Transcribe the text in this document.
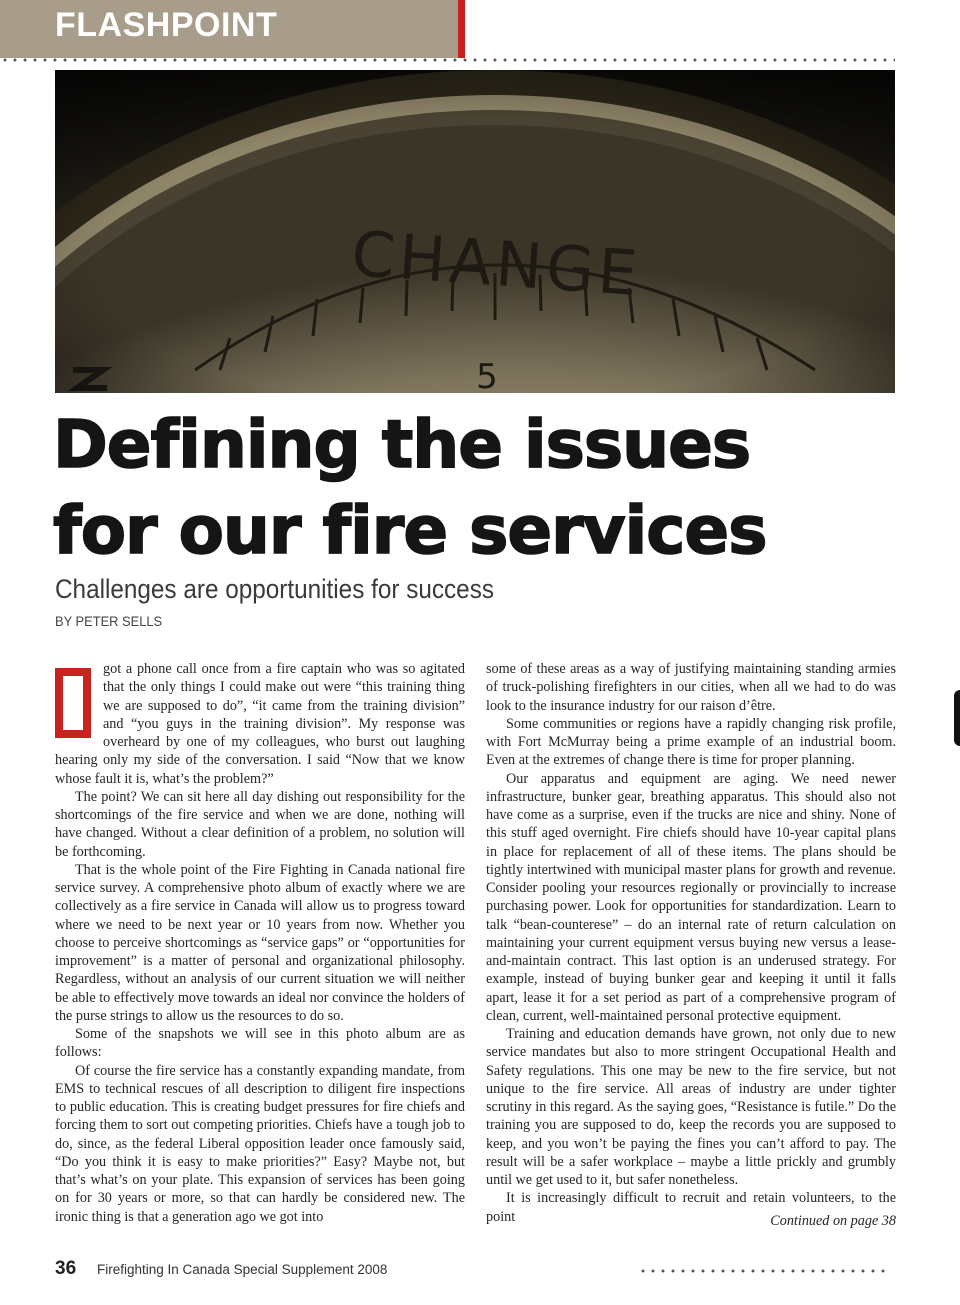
FLASHPOINT
Defining the issues
for our fire services
Challenges are opportunities for success
BY PETER SELLS

got a phone call once from a fire captain who was so agitated that the only things I could make out were “this training thing we are supposed to do”, “it came from the training division” and “you guys in the training division”. My response was overheard by one of my colleagues, who burst out laughing hearing only my side of the conversation. I said “Now that we know whose fault it is, what’s the problem?”

The point? We can sit here all day dishing out responsibility for the shortcomings of the fire service and when we are done, nothing will have changed. Without a clear definition of a problem, no solution will be forthcoming.

That is the whole point of the Fire Fighting in Canada national fire service survey. A comprehensive photo album of exactly where we are collectively as a fire service in Canada will allow us to progress toward where we need to be next year or 10 years from now. Whether you choose to perceive shortcomings as “service gaps” or “opportunities for improvement” is a matter of personal and organizational philosophy. Regardless, without an analysis of our current situation we will neither be able to effectively move towards an ideal nor convince the holders of the purse strings to allow us the resources to do so.

Some of the snapshots we will see in this photo album are as follows:

Of course the fire service has a constantly expanding mandate, from EMS to technical rescues of all description to diligent fire inspections to public education. This is creating budget pressures for fire chiefs and forcing them to sort out competing priorities. Chiefs have a tough job to do, since, as the federal Liberal opposition leader once famously said, “Do you think it is easy to make priorities?” Easy? Maybe not, but that’s what’s on your plate. This expansion of services has been going on for 30 years or more, so that can hardly be considered new. The ironic thing is that a generation ago we got into

some of these areas as a way of justifying maintaining standing armies of truck-polishing firefighters in our cities, when all we had to do was look to the insurance industry for our raison d’être.

Some communities or regions have a rapidly changing risk profile, with Fort McMurray being a prime example of an industrial boom. Even at the extremes of change there is time for proper planning.

Our apparatus and equipment are aging. We need newer infrastructure, bunker gear, breathing apparatus. This should also not have come as a surprise, even if the trucks are nice and shiny. None of this stuff aged overnight. Fire chiefs should have 10-year capital plans in place for replacement of all of these items. The plans should be tightly intertwined with municipal master plans for growth and revenue. Consider pooling your resources regionally or provincially to increase purchasing power. Look for opportunities for standardization. Learn to talk “bean-counterese” – do an internal rate of return calculation on maintaining your current equipment versus buying new versus a lease-and-maintain contract. This last option is an underused strategy. For example, instead of buying bunker gear and keeping it until it falls apart, lease it for a set period as part of a comprehensive program of clean, current, well-maintained personal protective equipment.

Training and education demands have grown, not only due to new service mandates but also to more stringent Occupational Health and Safety regulations. This one may be new to the fire service, but not unique to the fire service. All areas of industry are under tighter scrutiny in this regard. As the saying goes, “Resistance is futile.” Do the training you are supposed to do, keep the records you are supposed to keep, and you won’t be paying the fines you can’t afford to pay. The result will be a safer workplace – maybe a little prickly and grumbly until we get used to it, but safer nonetheless.

It is increasingly difficult to recruit and retain volunteers, to the point	Continued on page 38
36 Firefighting In Canada Special Supplement 2008
